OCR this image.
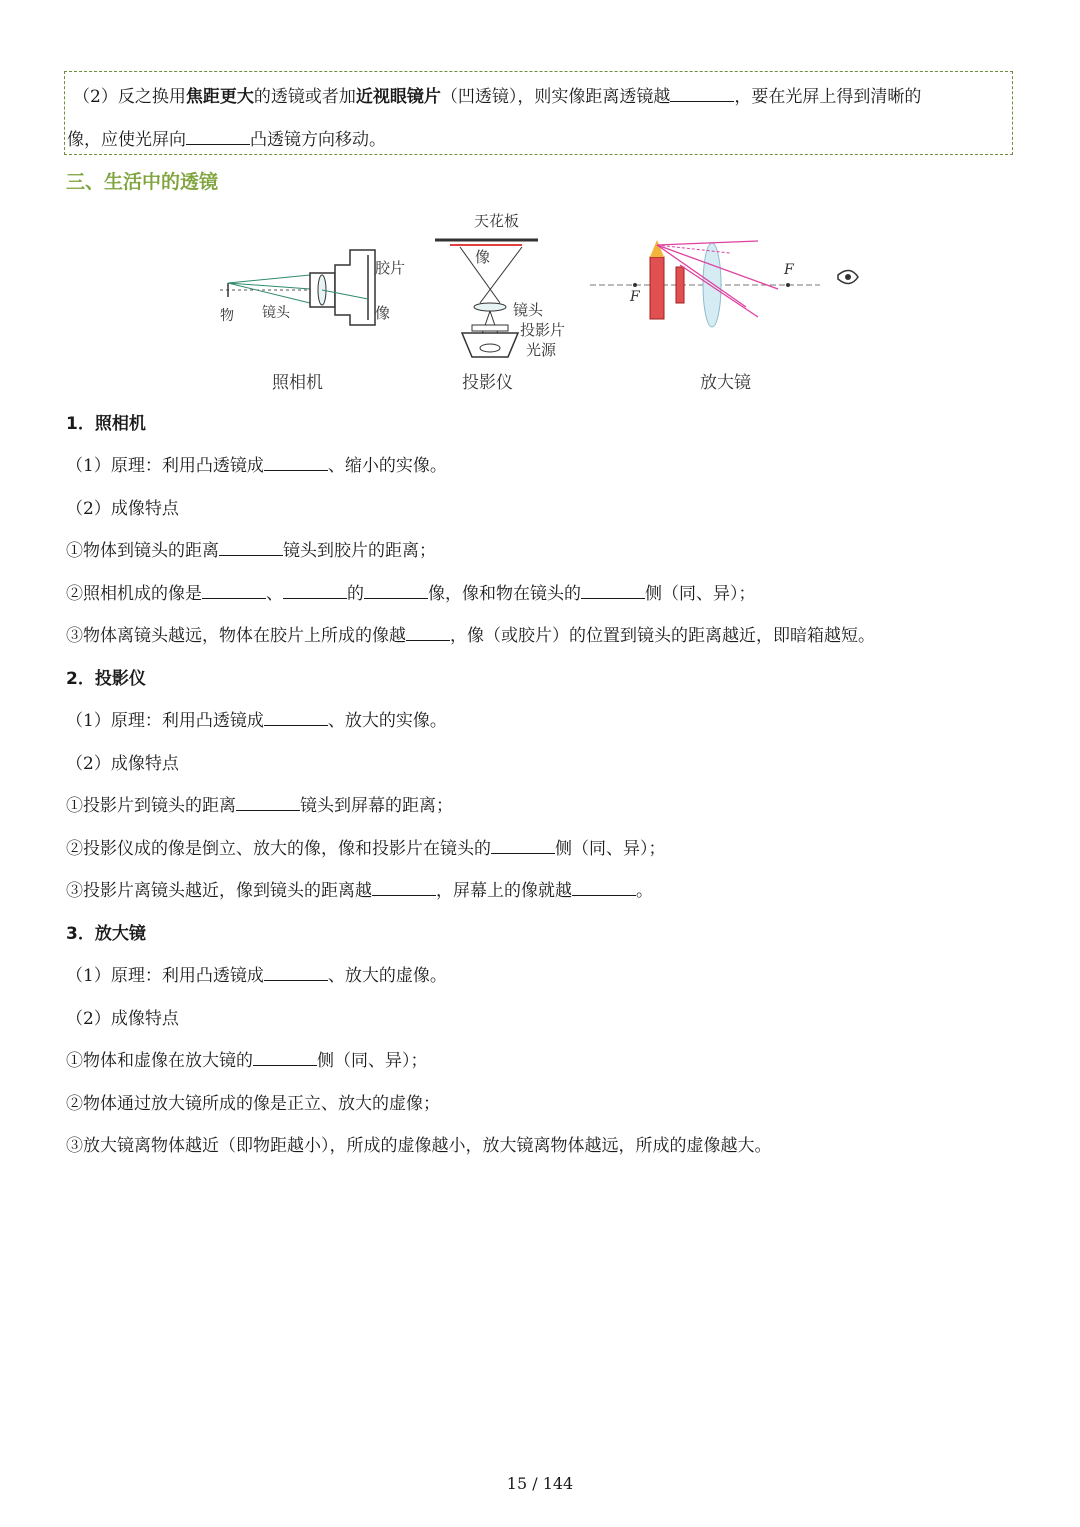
（2）反之换用焦距更大的透镜或者加近视眼镜片（凹透镜），则实像距离透镜越	，要在光屏上得到清晰的
像，应使光屏向	凸透镜方向移动。
三、生活中的透镜
胶片
物 镜头	像
天花板
像
镜头
投影片
光源
F
F
照相机	投影仪	放大镜
1．照相机
（1）原理：利用凸透镜成	、缩小的实像。
（2）成像特点
①物体到镜头的距离	镜头到胶片的距离；
②照相机成的像是	、	的	像，像和物在镜头的	侧（同、异）；
③物体离镜头越远，物体在胶片上所成的像越	，像（或胶片）的位置到镜头的距离越近，即暗箱越短。
2．投影仪
（1）原理：利用凸透镜成	、放大的实像。
（2）成像特点
①投影片到镜头的距离	镜头到屏幕的距离；
②投影仪成的像是倒立、放大的像，像和投影片在镜头的	侧（同、异）；
③投影片离镜头越近，像到镜头的距离越	，屏幕上的像就越	。
3．放大镜
（1）原理：利用凸透镜成	、放大的虚像。
（2）成像特点
①物体和虚像在放大镜的	侧（同、异）；
②物体通过放大镜所成的像是正立、放大的虚像；
③放大镜离物体越近（即物距越小），所成的虚像越小，放大镜离物体越远，所成的虚像越大。
15 / 144
